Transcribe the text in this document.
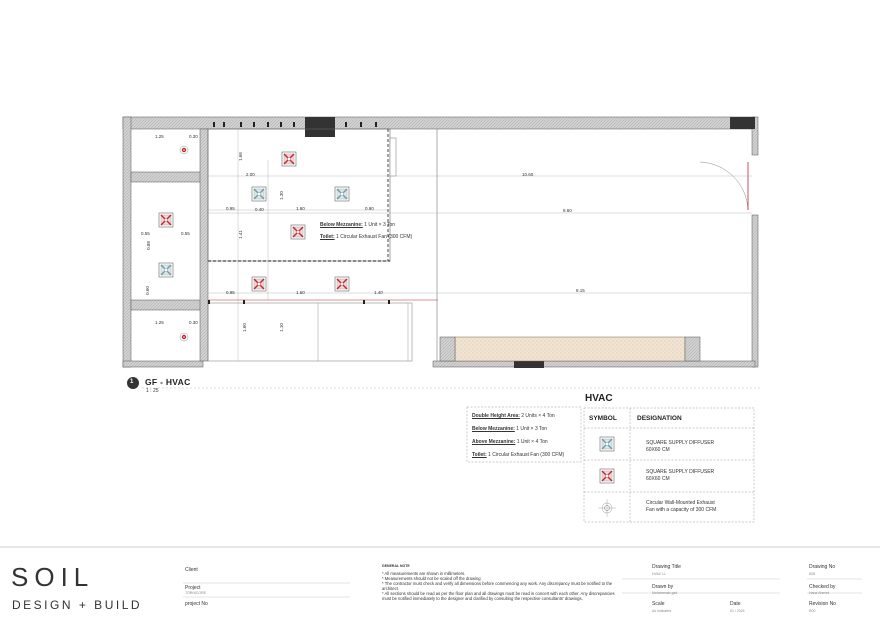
GF - HVAC
1 : 25
1
10.60
8.60
8.15
1.40
1.60
1.60
1.60
0.95
0.95
0.90
2.00
1.25
1.25
0.30
0.30
0.40
0.60
0.55	0.55
0.88
1.30
1.41
1.66
1.10
Below Mezzanine: 1 Unit × 3 Ton
Toilet: 1 Circular Exhaust Fan (300 CFM)
Double Height Area: 2 Units × 4 Ton
Below Mezzanine: 1 Unit × 3 Ton
Above Mezzanine: 1 Unit × 4 Ton
Toilet: 1 Circular Exhaust Fan (300 CFM)
HVAC
SYMBOL	DESIGNATION
SQUARE SUPPLY DIFFUSER
60X60 CM
SQUARE SUPPLY DIFFUSER
60X60 CM
Circular Wall-Mounted Exhaust
Fan with a capacity of 300 CFM
SOIL
DESIGN + BUILD
Client
Project
TORNICORE
project No
GENERAL NOTE
* All measurements are shown in millimeters.
* Measurements should not be scaled off the drawing
* The contractor must check and verify all dimensions before commencing any work. Any discrepancy must be notified to the architect.
* All sections should be read as per the floor plan and all drawings must be read in concert with each other. Any discrepancies must be notified immediately to the designer and clarified by consulting the respective consultants' drawings.
Drawing Title
HVAC LL
Drawn by
Mohammad gad
Scale
As indicated
Date
01 / 2024
Drawing No
A05
Checked by
Hana Ahmed
Revision No
R00
